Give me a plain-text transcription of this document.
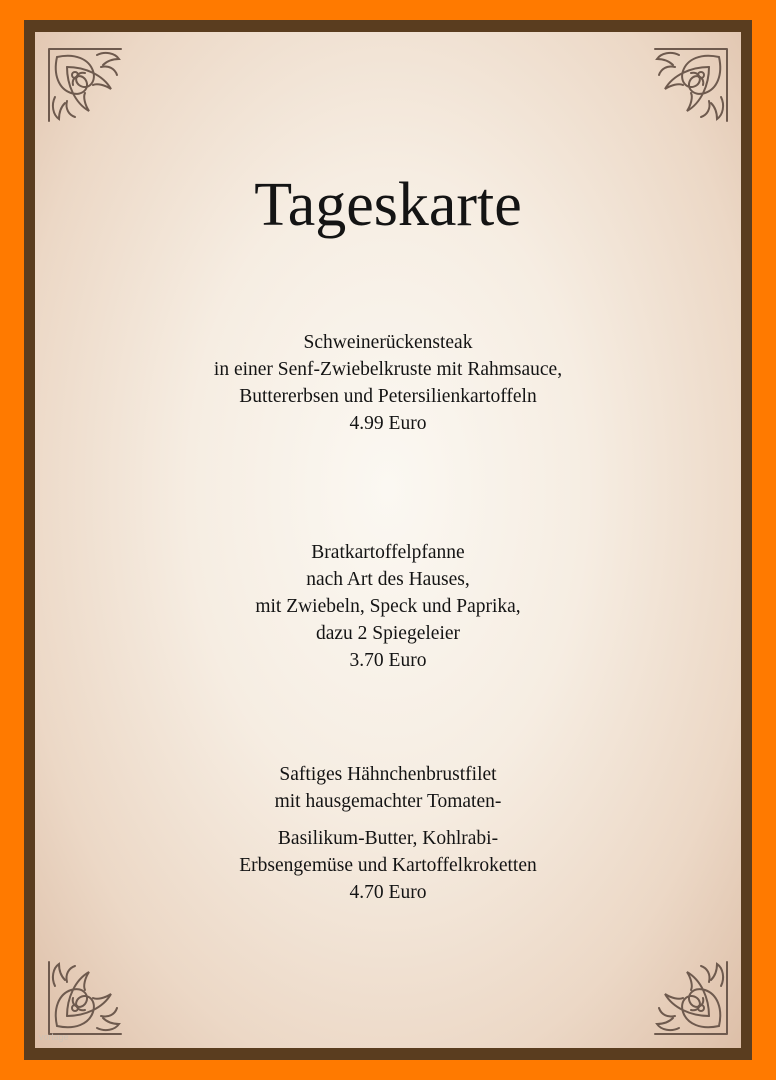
Tageskarte
Schweinerückensteak
in einer Senf-Zwiebelkruste mit Rahmsauce,
Buttererbsen und Petersilienkartoffeln
4.99 Euro
Bratkartoffelpfanne
nach Art des Hauses,
mit Zwiebeln, Speck und Paprika,
dazu 2 Spiegeleier
3.70 Euro
Saftiges Hähnchenbrustfilet
mit hausgemachter Tomaten-
Basilikum-Butter, Kohlrabi-
Erbsengemüse und Kartoffelkroketten
4.70 Euro
vorlage
